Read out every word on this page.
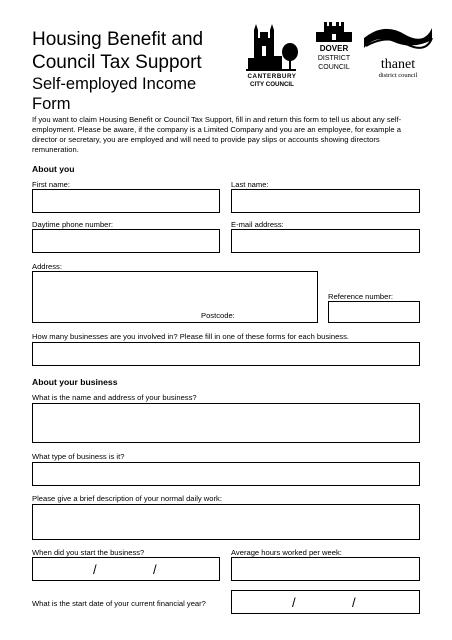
Housing Benefit and
Council Tax Support
Self-employed Income
Form
CANTERBURY
CITY COUNCIL
DOVER
DISTRICT
COUNCIL thanet
district council
If you want to claim Housing Benefit or Council Tax Support, fill in and return this form to tell us about any self-employment. Please be aware, if the company is a Limited Company and you are an employee, for example a director or secretary, you are employed and will need to provide pay slips or accounts showing directors remuneration.
About you
First name:	Last name:
Daytime phone number:	E-mail address:
Address:
Postcode:
Reference number:
How many businesses are you involved in? Please fill in one of these forms for each business.
About your business
What is the name and address of your business?
What type of business is it?
Please give a brief description of your normal daily work:
When did you start the business?
/	/
Average hours worked per week:
What is the start date of your current financial year?	/	/
